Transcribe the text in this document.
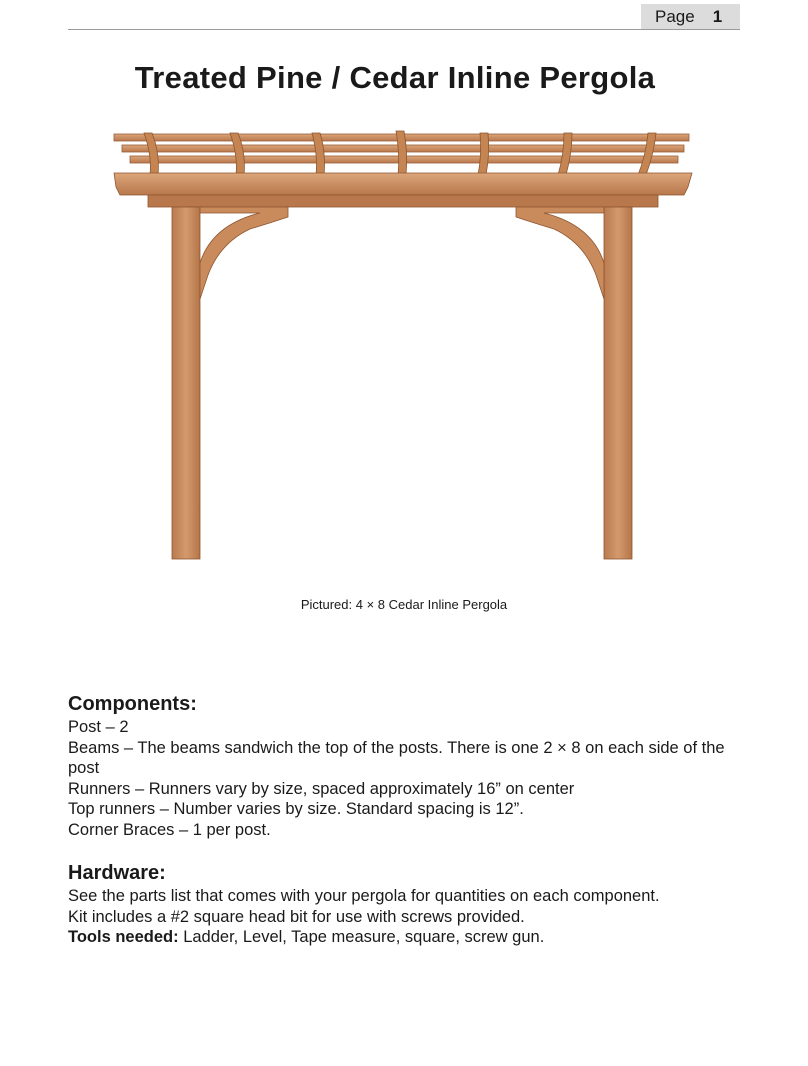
Page 1
Treated Pine / Cedar Inline Pergola
Pictured: 4 × 8 Cedar Inline Pergola
Components:

Post – 2

Beams – The beams sandwich the top of the posts. There is one 2 × 8 on each side of the post

Runners – Runners vary by size, spaced approximately 16” on center

Top runners – Number varies by size. Standard spacing is 12”.

Corner Braces – 1 per post.

Hardware:

See the parts list that comes with your pergola for quantities on each component.

Kit includes a #2 square head bit for use with screws provided.

Tools needed: Ladder, Level, Tape measure, square, screw gun.
